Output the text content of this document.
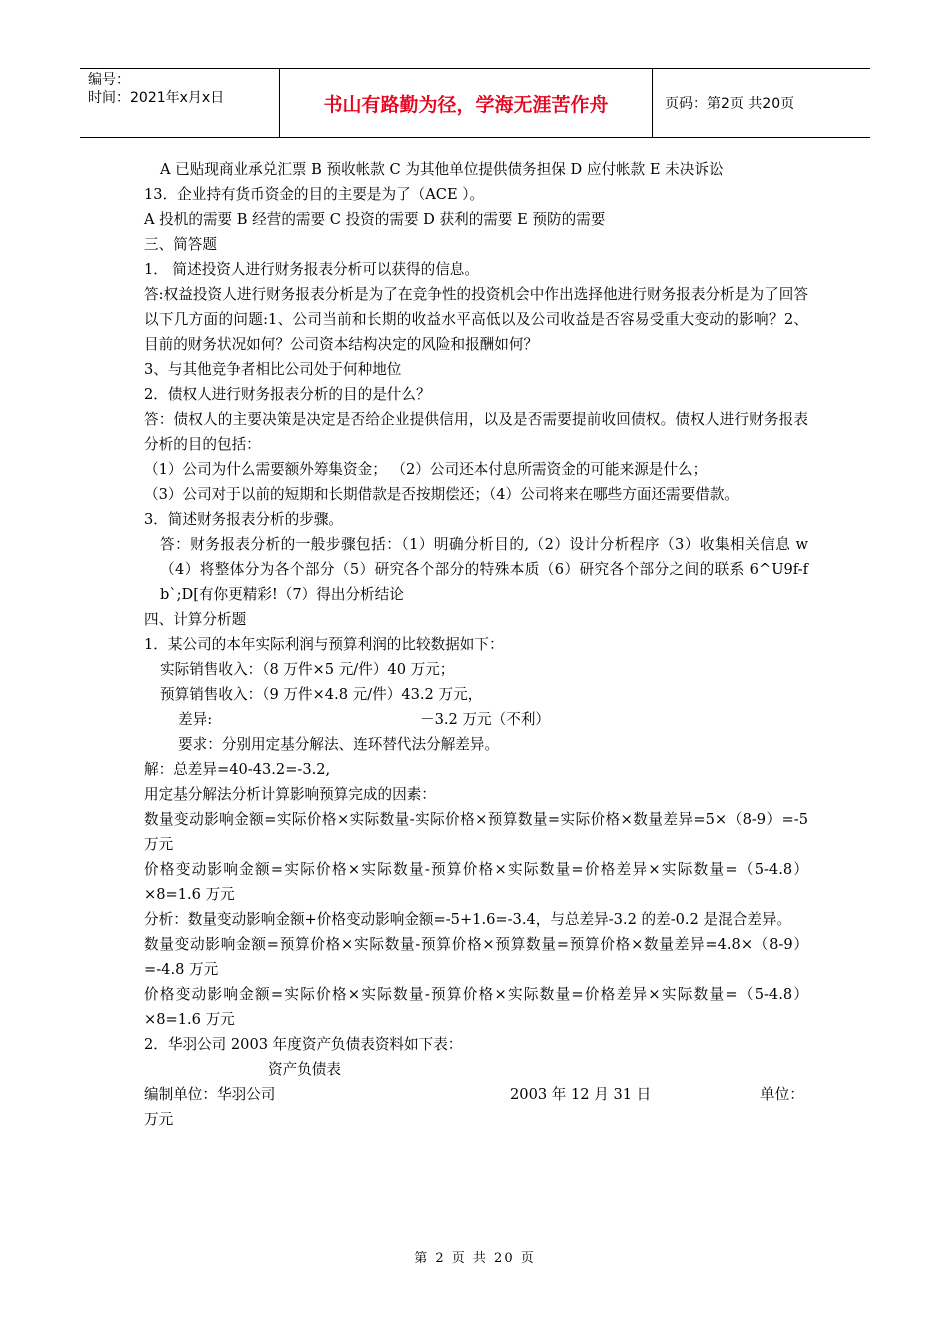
编号：
时间：2021年x月x日	书山有路勤为径，学海无涯苦作舟	页码：第2页 共20页

A 已贴现商业承兑汇票 B 预收帐款 C 为其他单位提供债务担保 D 应付帐款 E 未决诉讼

13．企业持有货币资金的目的主要是为了（ACE ）。

A 投机的需要 B 经营的需要 C 投资的需要 D 获利的需要 E 预防的需要

三、简答题

1． 简述投资人进行财务报表分析可以获得的信息。

答:权益投资人进行财务报表分析是为了在竞争性的投资机会中作出选择他进行财务报表分析是为了回答以下几方面的问题:1、公司当前和长期的收益水平高低以及公司收益是否容易受重大变动的影响？2、目前的财务状况如何？公司资本结构决定的风险和报酬如何？

3、与其他竞争者相比公司处于何种地位

2．债权人进行财务报表分析的目的是什么？

答：债权人的主要决策是决定是否给企业提供信用，以及是否需要提前收回债权。债权人进行财务报表分析的目的包括：

（1）公司为什么需要额外筹集资金； （2）公司还本付息所需资金的可能来源是什么；

（3）公司对于以前的短期和长期借款是否按期偿还；（4）公司将来在哪些方面还需要借款。

3．简述财务报表分析的步骤。

答：财务报表分析的一般步骤包括：（1）明确分析目的,（2）设计分析程序（3）收集相关信息 w（4）将整体分为各个部分（5）研究各个部分的特殊本质（6）研究各个部分之间的联系 6^U9f-f b`;D[有你更精彩!（7）得出分析结论

四、计算分析题

1．某公司的本年实际利润与预算利润的比较数据如下：

实际销售收入：（8 万件×5 元/件）40 万元；

预算销售收入：（9 万件×4.8 元/件）43.2 万元，

差异:	－3.2 万元（不利）

要求：分别用定基分解法、连环替代法分解差异。

解：总差异=40-43.2=-3.2,

用定基分解法分析计算影响预算完成的因素：

数量变动影响金额=实际价格×实际数量-实际价格×预算数量=实际价格×数量差异=5×（8-9）=-5 万元

价格变动影响金额=实际价格×实际数量-预算价格×实际数量=价格差异×实际数量=（5-4.8）×8=1.6 万元

分析：数量变动影响金额+价格变动影响金额=-5+1.6=-3.4，与总差异-3.2 的差-0.2 是混合差异。

数量变动影响金额=预算价格×实际数量-预算价格×预算数量=预算价格×数量差异=4.8×（8-9）=-4.8 万元

价格变动影响金额=实际价格×实际数量-预算价格×实际数量=价格差异×实际数量=（5-4.8）×8=1.6 万元

2．华羽公司 2003 年度资产负债表资料如下表：

资产负债表

编制单位：华羽公司	2003 年 12 月 31 日	单位：

万元

第 2 页 共 20 页
